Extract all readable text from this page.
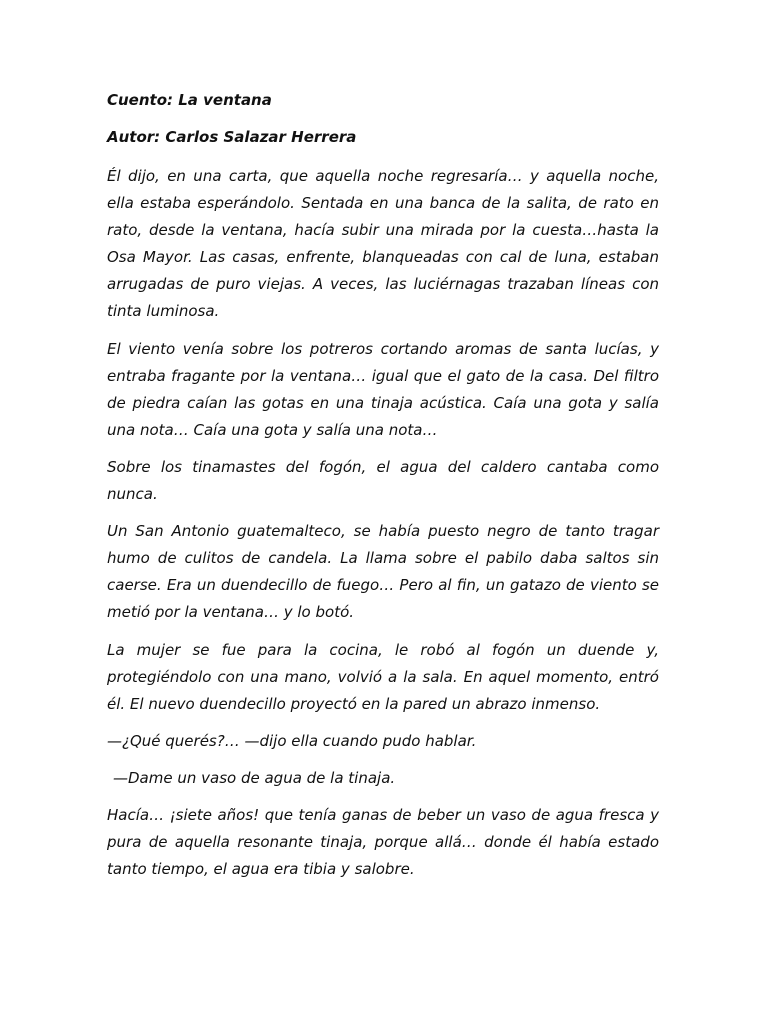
Cuento: La ventana

Autor: Carlos Salazar Herrera

Él dijo, en una carta, que aquella noche regresaría… y aquella noche, ella estaba esperándolo. Sentada en una banca de la salita, de rato en rato, desde la ventana, hacía subir una mirada por la cuesta…hasta la Osa Mayor. Las casas, enfrente, blanqueadas con cal de luna, estaban arrugadas de puro viejas. A veces, las luciérnagas trazaban líneas con tinta luminosa.

El viento venía sobre los potreros cortando aromas de santa lucías, y entraba fragante por la ventana… igual que el gato de la casa. Del filtro de piedra caían las gotas en una tinaja acústica. Caía una gota y salía una nota… Caía una gota y salía una nota…

Sobre los tinamastes del fogón, el agua del caldero cantaba como nunca.

Un San Antonio guatemalteco, se había puesto negro de tanto tragar humo de culitos de candela. La llama sobre el pabilo daba saltos sin caerse. Era un duendecillo de fuego… Pero al fin, un gatazo de viento se metió por la ventana… y lo botó.

La mujer se fue para la cocina, le robó al fogón un duende y, protegiéndolo con una mano, volvió a la sala. En aquel momento, entró él. El nuevo duendecillo proyectó en la pared un abrazo inmenso.

—¿Qué querés?… —dijo ella cuando pudo hablar.

—Dame un vaso de agua de la tinaja.

Hacía… ¡siete años! que tenía ganas de beber un vaso de agua fresca y pura de aquella resonante tinaja, porque allá… donde él había estado tanto tiempo, el agua era tibia y salobre.
